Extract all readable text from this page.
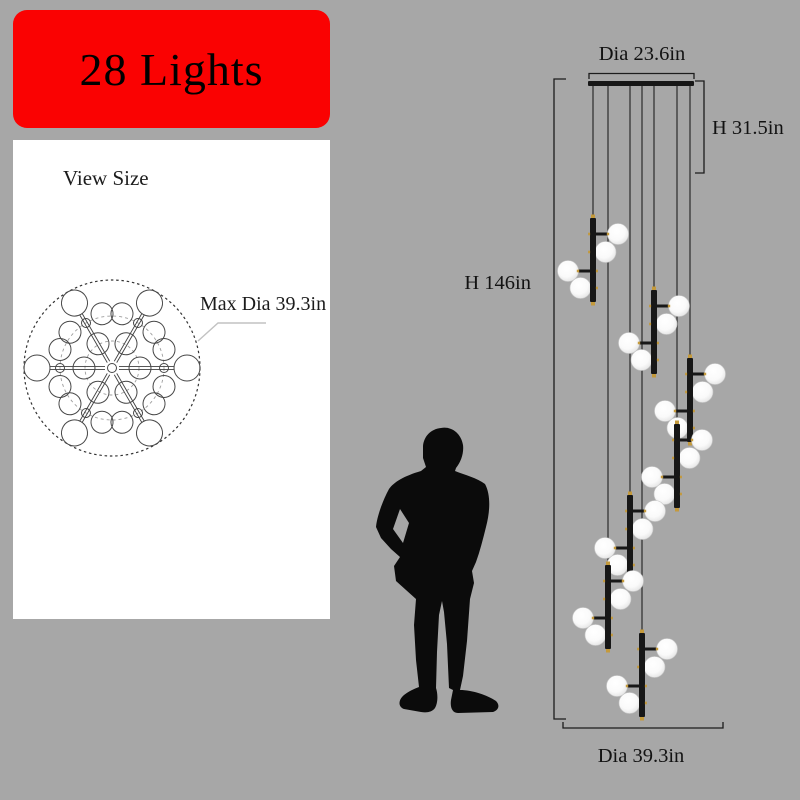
28 Lights
View Size
Max Dia 39.3in
Dia 23.6in
H 31.5in
H 146in
Dia 39.3in
